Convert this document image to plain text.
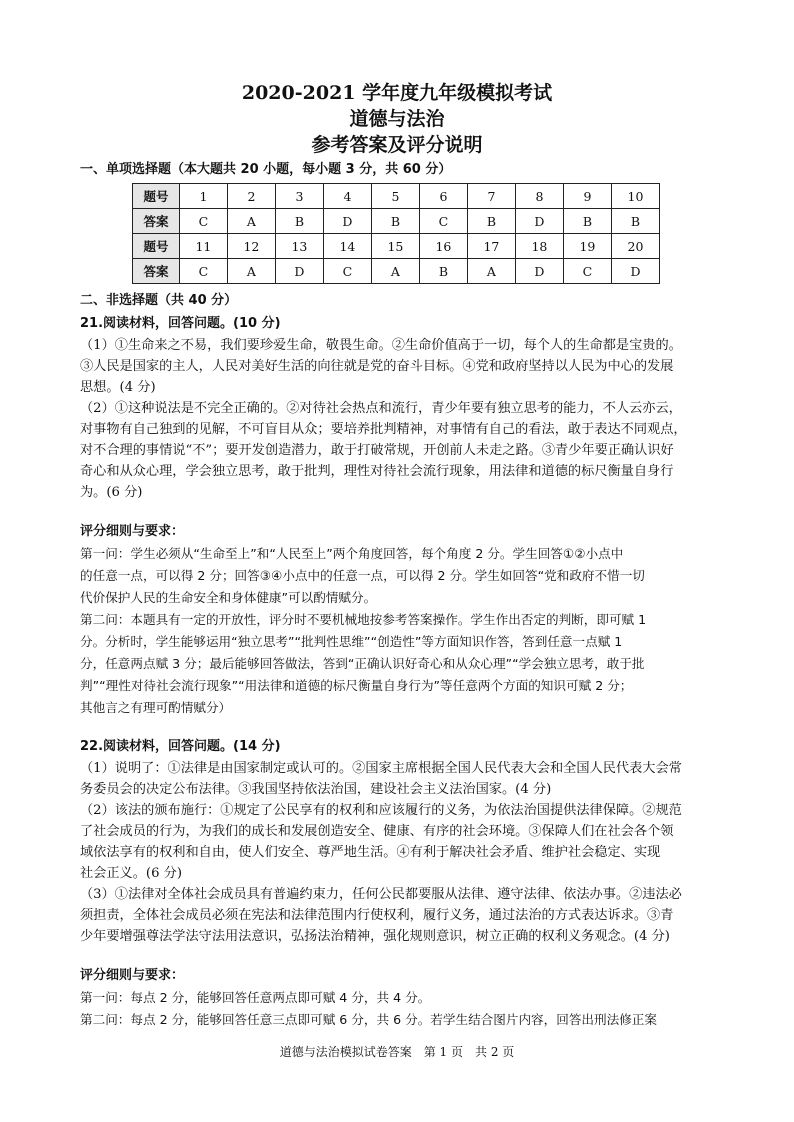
2020-2021 学年度九年级模拟考试
道德与法治
参考答案及评分说明
一、单项选择题（本大题共 20 小题，每小题 3 分，共 60 分）
题号	1	2	3	4	5	6	7	8	9	10
答案	C	A	B	D	B	C	B	D	B	B
题号	11	12	13	14	15	16	17	18	19	20
答案	C	A	D	C	A	B	A	D	C	D
二、非选择题（共 40 分）
21.阅读材料，回答问题。(10 分)
（1）①生命来之不易，我们要珍爱生命，敬畏生命。②生命价值高于一切，每个人的生命都是宝贵的。
③人民是国家的主人，人民对美好生活的向往就是党的奋斗目标。④党和政府坚持以人民为中心的发展
思想。(4 分)
（2）①这种说法是不完全正确的。②对待社会热点和流行，青少年要有独立思考的能力，不人云亦云，
对事物有自己独到的见解，不可盲目从众；要培养批判精神，对事情有自己的看法，敢于表达不同观点，
对不合理的事情说“不”；要开发创造潜力，敢于打破常规，开创前人未走之路。③青少年要正确认识好
奇心和从众心理，学会独立思考，敢于批判，理性对待社会流行现象，用法律和道德的标尺衡量自身行
为。(6 分)
评分细则与要求：
第一问：学生必须从“生命至上”和“人民至上”两个角度回答，每个角度 2 分。学生回答①②小点中
的任意一点，可以得 2 分；回答③④小点中的任意一点，可以得 2 分。学生如回答“党和政府不惜一切
代价保护人民的生命安全和身体健康”可以酌情赋分。
第二问：本题具有一定的开放性，评分时不要机械地按参考答案操作。学生作出否定的判断，即可赋 1
分。分析时，学生能够运用“独立思考”“批判性思维”“创造性”等方面知识作答，答到任意一点赋 1
分，任意两点赋 3 分；最后能够回答做法，答到“正确认识好奇心和从众心理”“学会独立思考，敢于批
判”“理性对待社会流行现象”“用法律和道德的标尺衡量自身行为”等任意两个方面的知识可赋 2 分；
其他言之有理可酌情赋分）
22.阅读材料，回答问题。(14 分)
（1）说明了：①法律是由国家制定或认可的。②国家主席根据全国人民代表大会和全国人民代表大会常
务委员会的决定公布法律。③我国坚持依法治国，建设社会主义法治国家。(4 分)
（2）该法的颁布施行：①规定了公民享有的权利和应该履行的义务，为依法治国提供法律保障。②规范
了社会成员的行为，为我们的成长和发展创造安全、健康、有序的社会环境。③保障人们在社会各个领
域依法享有的权利和自由，使人们安全、尊严地生活。④有利于解决社会矛盾、维护社会稳定、实现
社会正义。(6 分)
（3）①法律对全体社会成员具有普遍约束力，任何公民都要服从法律、遵守法律、依法办事。②违法必
须担责，全体社会成员必须在宪法和法律范围内行使权利，履行义务，通过法治的方式表达诉求。③青
少年要增强尊法学法守法用法意识，弘扬法治精神，强化规则意识，树立正确的权利义务观念。(4 分)
评分细则与要求：
第一问：每点 2 分，能够回答任意两点即可赋 4 分，共 4 分。
第二问：每点 2 分，能够回答任意三点即可赋 6 分，共 6 分。若学生结合图片内容，回答出刑法修正案
道德与法治模拟试卷答案　第 1 页　共 2 页
